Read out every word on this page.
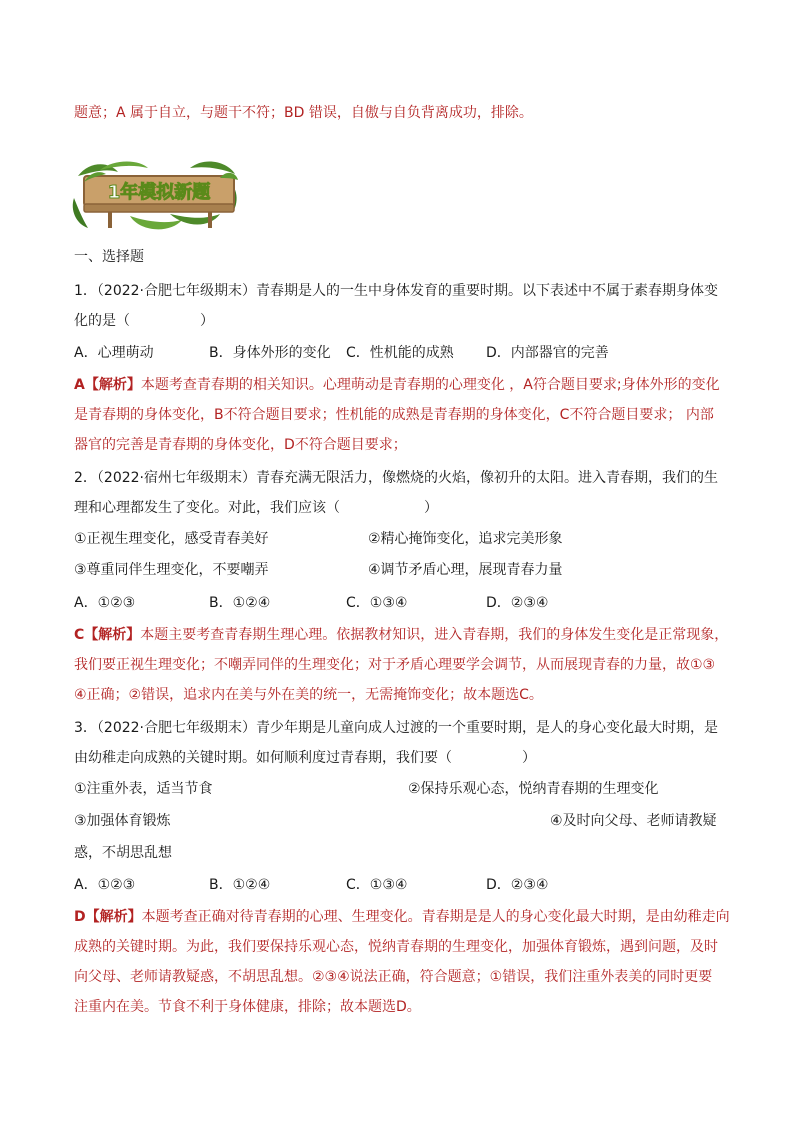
题意；A 属于自立，与题干不符；BD 错误，自傲与自负背离成功，排除。
1年模拟新题
一、选择题
1．（2022·合肥七年级期末）青春期是人的一生中身体发育的重要时期。以下表述中不属于素春期身体变
化的是（　　　　　）
A．心理萌动	B．身体外形的变化 C．性机能的成熟 D．内部器官的完善
A【解析】本题考查青春期的相关知识。心理萌动是青春期的心理变化 ，A符合题目要求;身体外形的变化
是青春期的身体变化，B不符合题目要求；性机能的成熟是青春期的身体变化，C不符合题目要求； 内部
器官的完善是青春期的身体变化，D不符合题目要求；
2．（2022·宿州七年级期末）青春充满无限活力，像燃烧的火焰，像初升的太阳。进入青春期，我们的生
理和心理都发生了变化。对此，我们应该（　　　　　　）
①正视生理变化，感受青春美好	②精心掩饰变化，追求完美形象
③尊重同伴生理变化，不要嘲弄	④调节矛盾心理，展现青春力量
A．①②③	B．①②④	C．①③④	D．②③④
C【解析】本题主要考查青春期生理心理。依据教材知识，进入青春期，我们的身体发生变化是正常现象，
我们要正视生理变化；不嘲弄同伴的生理变化；对于矛盾心理要学会调节，从而展现青春的力量，故①③
④正确；②错误，追求内在美与外在美的统一，无需掩饰变化；故本题选C。
3．（2022·合肥七年级期末）青少年期是儿童向成人过渡的一个重要时期，是人的身心变化最大时期，是
由幼稚走向成熟的关键时期。如何顺利度过青春期，我们要（　　　　　）
①注重外表，适当节食	②保持乐观心态，悦纳青春期的生理变化
③加强体育锻炼	④及时向父母、老师请教疑
惑，不胡思乱想
A．①②③	B．①②④	C．①③④	D．②③④
D【解析】本题考查正确对待青春期的心理、生理变化。青春期是是人的身心变化最大时期，是由幼稚走向
成熟的关键时期。为此，我们要保持乐观心态，悦纳青春期的生理变化，加强体育锻炼，遇到问题，及时
向父母、老师请教疑惑，不胡思乱想。②③④说法正确，符合题意；①错误，我们注重外表美的同时更要
注重内在美。节食不利于身体健康，排除；故本题选D。
